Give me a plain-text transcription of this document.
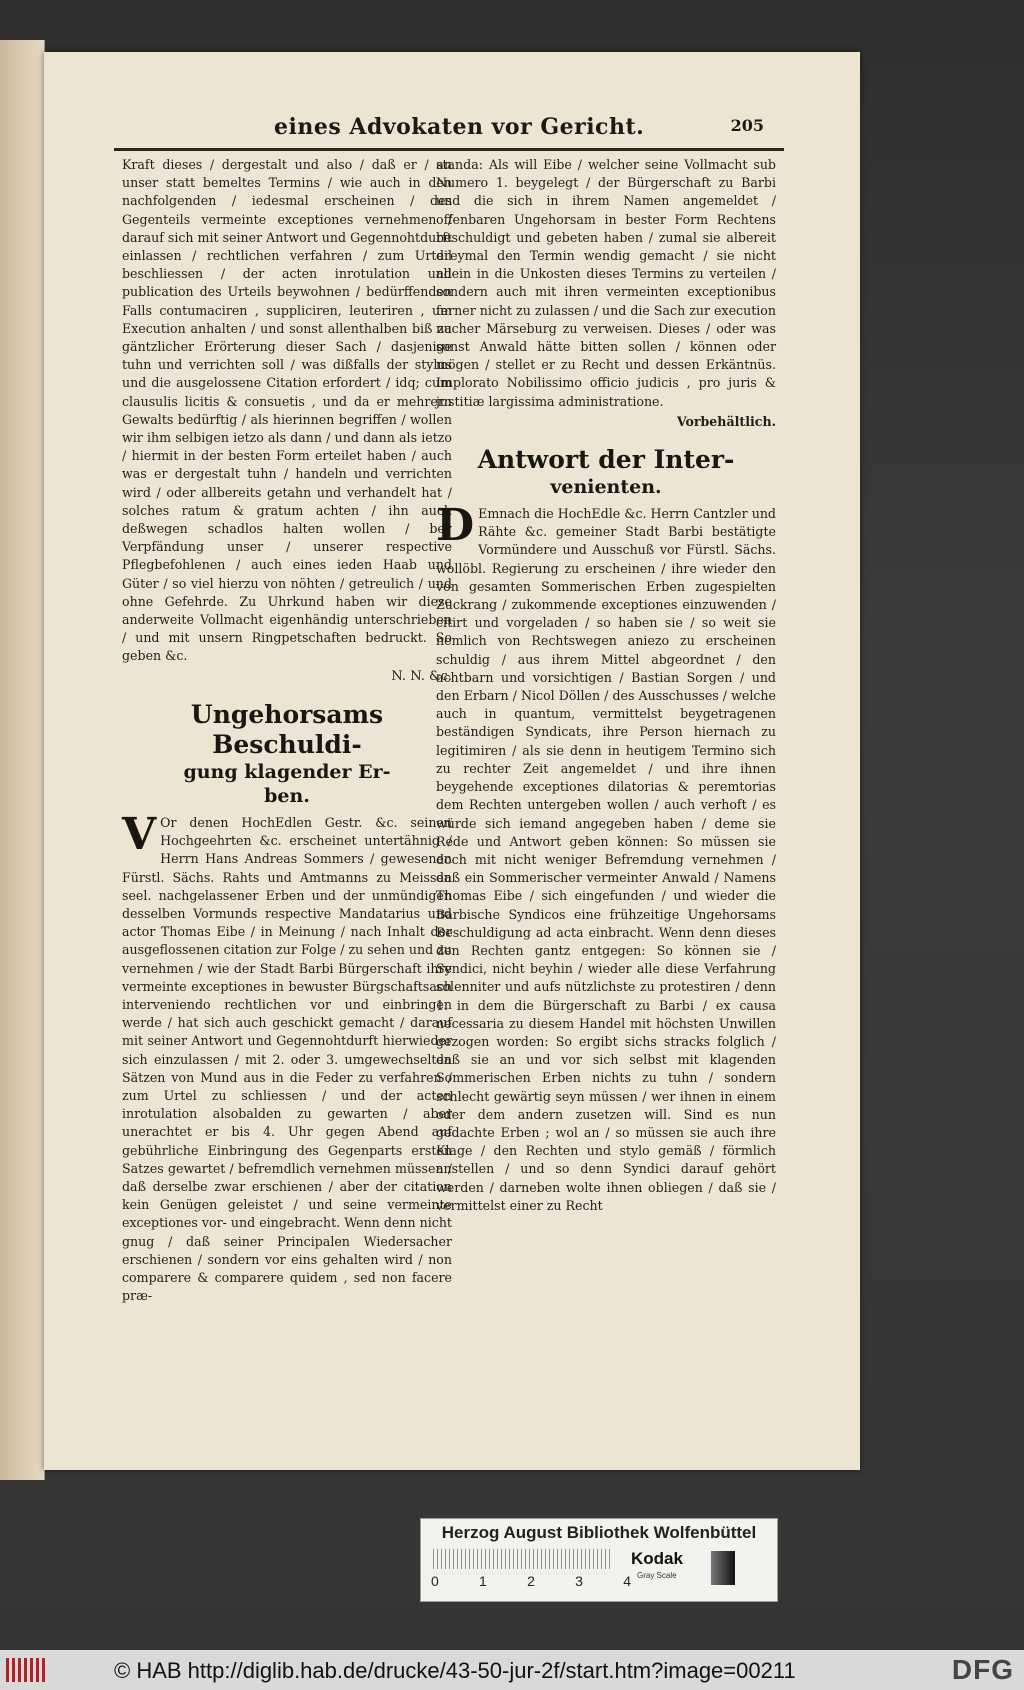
eines Advokaten vor Gericht.	205

Kraft dieses / dergestalt und also / daß er / an unser statt bemeltes Termins / wie auch in den nachfolgenden / iedesmal erscheinen / des Gegenteils vermeinte exceptiones vernehmen / darauf sich mit seiner Antwort und Gegennohtdurft einlassen / rechtlichen verfahren / zum Urteil beschliessen / der acten inrotulation und publication des Urteils beywohnen / bedürffenden Falls contumaciren , suppliciren, leuteriren , um Execution anhalten / und sonst allenthalben biß zu gäntzlicher Erörterung dieser Sach / dasjenige tuhn und verrichten soll / was dißfalls der stylus und die ausgelossene Citation erfordert / idq; cum clausulis licitis & consuetis , und da er mehrern Gewalts bedürftig / als hierinnen begriffen / wollen wir ihm selbigen ietzo als dann / und dann als ietzo / hiermit in der besten Form erteilet haben / auch was er dergestalt tuhn / handeln und verrichten wird / oder allbereits getahn und verhandelt hat / solches ratum & gratum achten / ihn auch deßwegen schadlos halten wollen / bey Verpfändung unser / unserer respective Pflegbefohlenen / auch eines ieden Haab und Güter / so viel hierzu von nöhten / getreulich / und ohne Gefehrde. Zu Uhrkund haben wir diese anderweite Vollmacht eigenhändig unterschrieben / und mit unsern Ringpetschaften bedruckt. So geben &c.

N. N. &c.

Ungehorsams Beschuldi-
gung klagender Er-
ben.

V Or denen HochEdlen Gestr. &c. seinen Hochgeehrten &c. erscheinet untertähnig / Herrn Hans Andreas Sommers / gewesenen Fürstl. Sächs. Rahts und Amtmanns zu Meissen seel. nachgelassener Erben und der unmündigen desselben Vormunds respective Mandatarius und actor Thomas Eibe / in Meinung / nach Inhalt der ausgeflossenen citation zur Folge / zu sehen und zu vernehmen / wie der Stadt Barbi Bürgerschaft ihre vermeinte exceptiones in bewuster Bürgschaftsach interveniendo rechtlichen vor und einbringen werde / hat sich auch geschickt gemacht / darauf mit seiner Antwort und Gegennohtdurft hierwieder sich einzulassen / mit 2. oder 3. umgewechselten Sätzen von Mund aus in die Feder zu verfahren / zum Urtel zu schliessen / und der acten inrotulation alsobalden zu gewarten / aber unerachtet er bis 4. Uhr gegen Abend auf gebührliche Einbringung des Gegenparts ersten Satzes gewartet / befremdlich vernehmen müssen / daß derselbe zwar erschienen / aber der citation kein Genügen geleistet / und seine vermeinte exceptiones vor- und eingebracht. Wenn denn nicht gnug / daß seiner Principalen Wiedersacher erschienen / sondern vor eins gehalten wird / non comparere & comparere quidem , sed non facere præ-

standa: Als will Eibe / welcher seine Vollmacht sub Numero 1. beygelegt / der Bürgerschaft zu Barbi und die sich in ihrem Namen angemeldet / offenbaren Ungehorsam in bester Form Rechtens beschuldigt und gebeten haben / zumal sie albereit dreymal den Termin wendig gemacht / sie nicht allein in die Unkosten dieses Termins zu verteilen / sondern auch mit ihren vermeinten exceptionibus ferner nicht zu zulassen / und die Sach zur execution nacher Märseburg zu verweisen. Dieses / oder was sonst Anwald hätte bitten sollen / können oder mögen / stellet er zu Recht und dessen Erkäntnüs. Implorato Nobilissimo officio judicis , pro juris & justitiæ largissima administratione.

Vorbehältlich.

Antwort der Inter-
venienten.

D Emnach die HochEdle &c. Herrn Cantzler und Rähte &c. gemeiner Stadt Barbi bestätigte Vormündere und Ausschuß vor Fürstl. Sächs. wollöbl. Regierung zu erscheinen / ihre wieder den von gesamten Sommerischen Erben zugespielten Zuckrang / zukommende exceptiones einzuwenden / citirt und vorgeladen / so haben sie / so weit sie nemlich von Rechtswegen aniezo zu erscheinen schuldig / aus ihrem Mittel abgeordnet / den achtbarn und vorsichtigen / Bastian Sorgen / und den Erbarn / Nicol Döllen / des Ausschusses / welche auch in quantum, vermittelst beygetragenen beständigen Syndicats, ihre Person hiernach zu legitimiren / als sie denn in heutigem Termino sich zu rechter Zeit angemeldet / und ihre ihnen beygehende exceptiones dilatorias & peremtorias dem Rechten untergeben wollen / auch verhoft / es würde sich iemand angegeben haben / deme sie Rede und Antwort geben können: So müssen sie doch mit nicht weniger Befremdung vernehmen / daß ein Sommerischer vermeinter Anwald / Namens Thomas Eibe / sich eingefunden / und wieder die Barbische Syndicos eine frühzeitige Ungehorsams Beschuldigung ad acta einbracht. Wenn denn dieses den Rechten gantz entgegen: So können sie / Syndici, nicht beyhin / wieder alle diese Verfahrung solenniter und aufs nützlichste zu protestiren / denn 1. in dem die Bürgerschaft zu Barbi / ex causa necessaria zu diesem Handel mit höchsten Unwillen gezogen worden: So ergibt sichs stracks folglich / daß sie an und vor sich selbst mit klagenden Sommerischen Erben nichts zu tuhn / sondern schlecht gewärtig seyn müssen / wer ihnen in einem oder dem andern zusetzen will. Sind es nun gedachte Erben ; wol an / so müssen sie auch ihre Klage / den Rechten und stylo gemäß / förmlich anstellen / und so denn Syndici darauf gehört werden / darneben wolte ihnen obliegen / daß sie / vermittelst einer zu Recht

Herzog August Bibliothek Wolfenbüttel
0	1	2	3	4
Kodak
Gray Scale
© HAB http://diglib.hab.de/drucke/43-50-jur-2f/start.htm?image=00211	DFG
